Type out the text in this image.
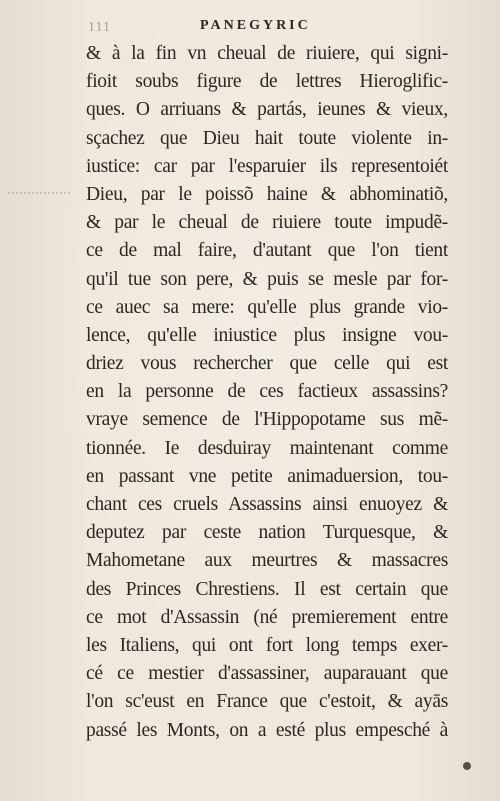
111	PANEGYRIC
& à la fin vn cheual de riuiere, qui signi-
fioit soubs figure de lettres Hieroglific-
ques. O arriuans & partás, ieunes & vieux,
sçachez que Dieu hait toute violente in-
iustice: car par l'esparuier ils representoiét
Dieu, par le poissõ haine & abhominatiõ,
& par le cheual de riuiere toute impudẽ-
ce de mal faire, d'autant que l'on tient
qu'il tue son pere, & puis se mesle par for-
ce auec sa mere: qu'elle plus grande vio-
lence, qu'elle iniustice plus insigne vou-
driez vous rechercher que celle qui est
en la personne de ces factieux assassins?
vraye semence de l'Hippopotame sus mẽ-
tionnée. Ie desduiray maintenant comme
en passant vne petite animaduersion, tou-
chant ces cruels Assassins ainsi enuoyez &
deputez par ceste nation Turquesque, &
Mahometane aux meurtres & massacres
des Princes Chrestiens. Il est certain que
ce mot d'Assassin (né premierement entre
les Italiens, qui ont fort long temps exer-
cé ce mestier d'assassiner, auparauant que
l'on sc'eust en France que c'estoit, & ayās
passé les Monts, on a esté plus empesché à
